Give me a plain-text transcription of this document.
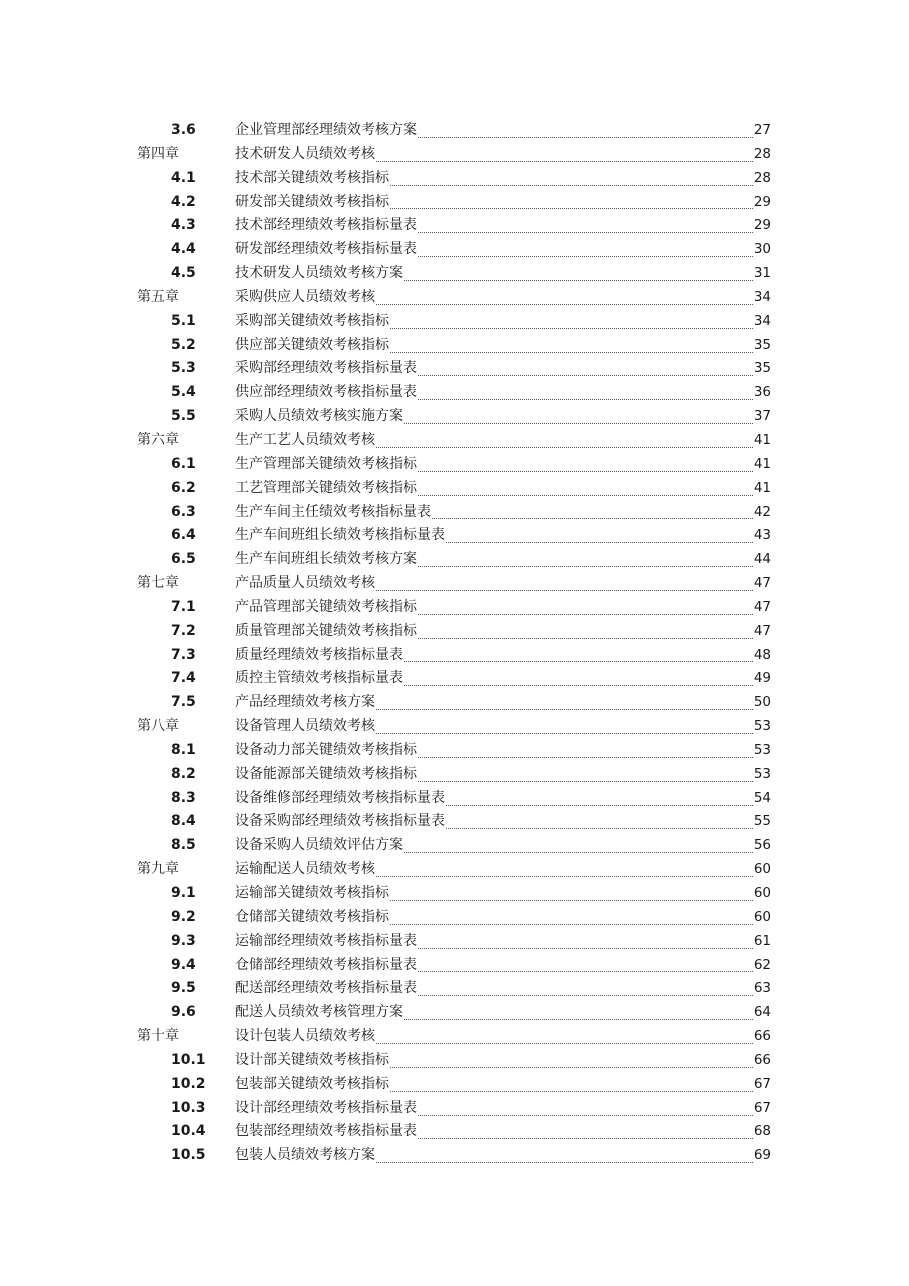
3.6	企业管理部经理绩效考核方案	27
第四章	技术研发人员绩效考核	28
4.1	技术部关键绩效考核指标	28
4.2	研发部关键绩效考核指标	29
4.3	技术部经理绩效考核指标量表	29
4.4	研发部经理绩效考核指标量表	30
4.5	技术研发人员绩效考核方案	31
第五章	采购供应人员绩效考核	34
5.1	采购部关键绩效考核指标	34
5.2	供应部关键绩效考核指标	35
5.3	采购部经理绩效考核指标量表	35
5.4	供应部经理绩效考核指标量表	36
5.5	采购人员绩效考核实施方案	37
第六章	生产工艺人员绩效考核	41
6.1	生产管理部关键绩效考核指标	41
6.2	工艺管理部关键绩效考核指标	41
6.3	生产车间主任绩效考核指标量表	42
6.4	生产车间班组长绩效考核指标量表	43
6.5	生产车间班组长绩效考核方案	44
第七章	产品质量人员绩效考核	47
7.1	产品管理部关键绩效考核指标	47
7.2	质量管理部关键绩效考核指标	47
7.3	质量经理绩效考核指标量表	48
7.4	质控主管绩效考核指标量表	49
7.5	产品经理绩效考核方案	50
第八章	设备管理人员绩效考核	53
8.1	设备动力部关键绩效考核指标	53
8.2	设备能源部关键绩效考核指标	53
8.3	设备维修部经理绩效考核指标量表	54
8.4	设备采购部经理绩效考核指标量表	55
8.5	设备采购人员绩效评估方案	56
第九章	运输配送人员绩效考核	60
9.1	运输部关键绩效考核指标	60
9.2	仓储部关键绩效考核指标	60
9.3	运输部经理绩效考核指标量表	61
9.4	仓储部经理绩效考核指标量表	62
9.5	配送部经理绩效考核指标量表	63
9.6	配送人员绩效考核管理方案	64
第十章	设计包装人员绩效考核	66
10.1	设计部关键绩效考核指标	66
10.2	包装部关键绩效考核指标	67
10.3	设计部经理绩效考核指标量表	67
10.4	包装部经理绩效考核指标量表	68
10.5	包装人员绩效考核方案	69
